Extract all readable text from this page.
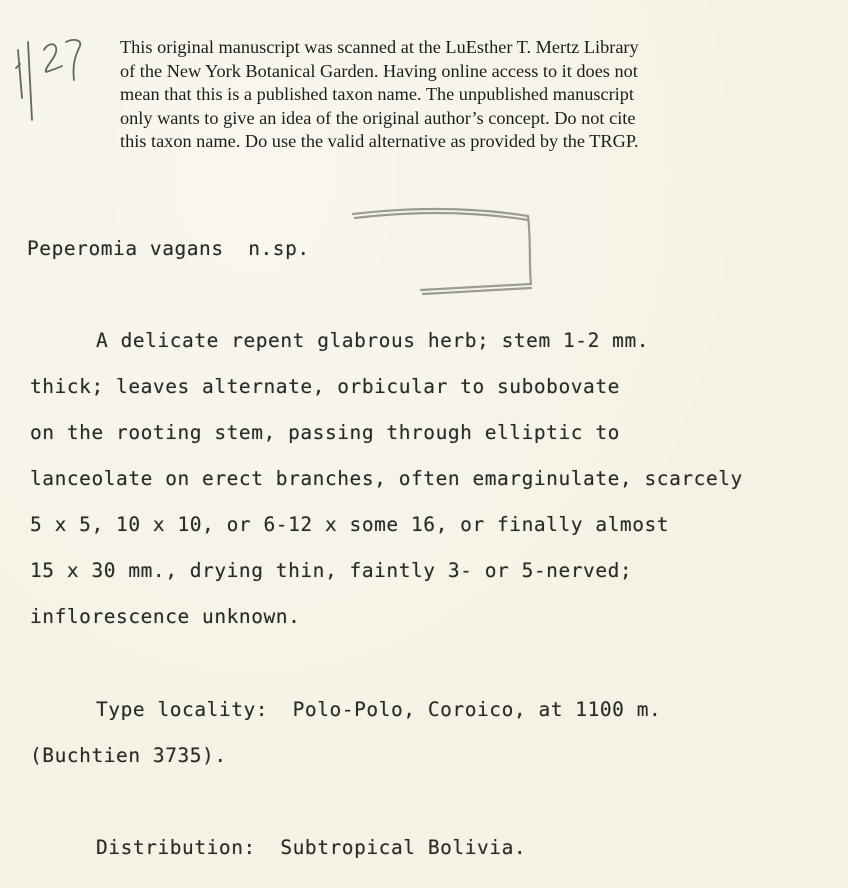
This original manuscript was scanned at the LuEsther T. Mertz Library
of the New York Botanical Garden. Having online access to it does not
mean that this is a published taxon name. The unpublished manuscript
only wants to give an idea of the original author’s concept. Do not cite
this taxon name. Do use the valid alternative as provided by the TRGP.
Peperomia vagans  n.sp.
A delicate repent glabrous herb; stem 1-2 mm.
thick; leaves alternate, orbicular to subobovate
on the rooting stem, passing through elliptic to
lanceolate on erect branches, often emarginulate, scarcely
5 x 5, 10 x 10, or 6-12 x some 16, or finally almost
15 x 30 mm., drying thin, faintly 3- or 5-nerved;
inflorescence unknown.
Type locality:  Polo-Polo, Coroico, at 1100 m.
(Buchtien 3735).
Distribution:  Subtropical Bolivia.
